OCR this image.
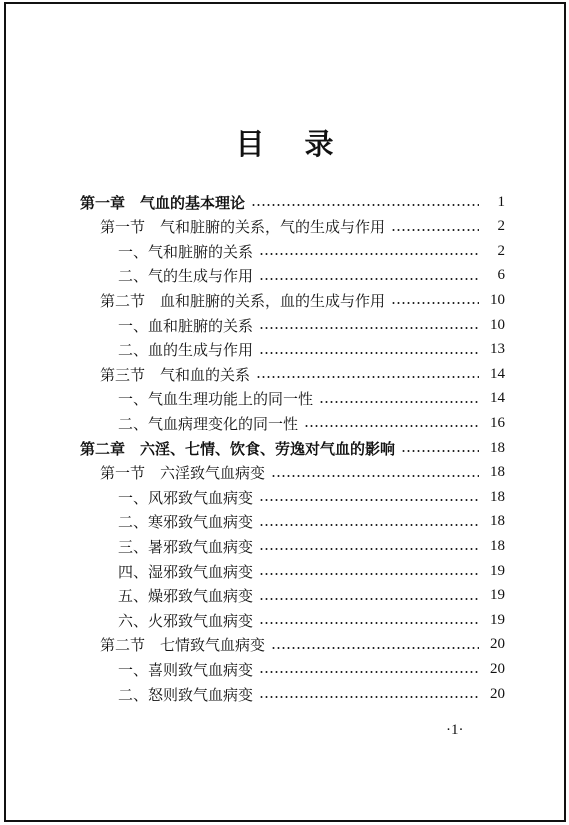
目录
第一章　气血的基本理论	1
第一节　气和脏腑的关系，气的生成与作用	2
一、气和脏腑的关系	2
二、气的生成与作用	6
第二节　血和脏腑的关系，血的生成与作用	10
一、血和脏腑的关系	10
二、血的生成与作用	13
第三节　气和血的关系	14
一、气血生理功能上的同一性	14
二、气血病理变化的同一性	16
第二章　六淫、七情、饮食、劳逸对气血的影响	18
第一节　六淫致气血病变	18
一、风邪致气血病变	18
二、寒邪致气血病变	18
三、暑邪致气血病变	18
四、湿邪致气血病变	19
五、燥邪致气血病变	19
六、火邪致气血病变	19
第二节　七情致气血病变	20
一、喜则致气血病变	20
二、怒则致气血病变	20
·1·
